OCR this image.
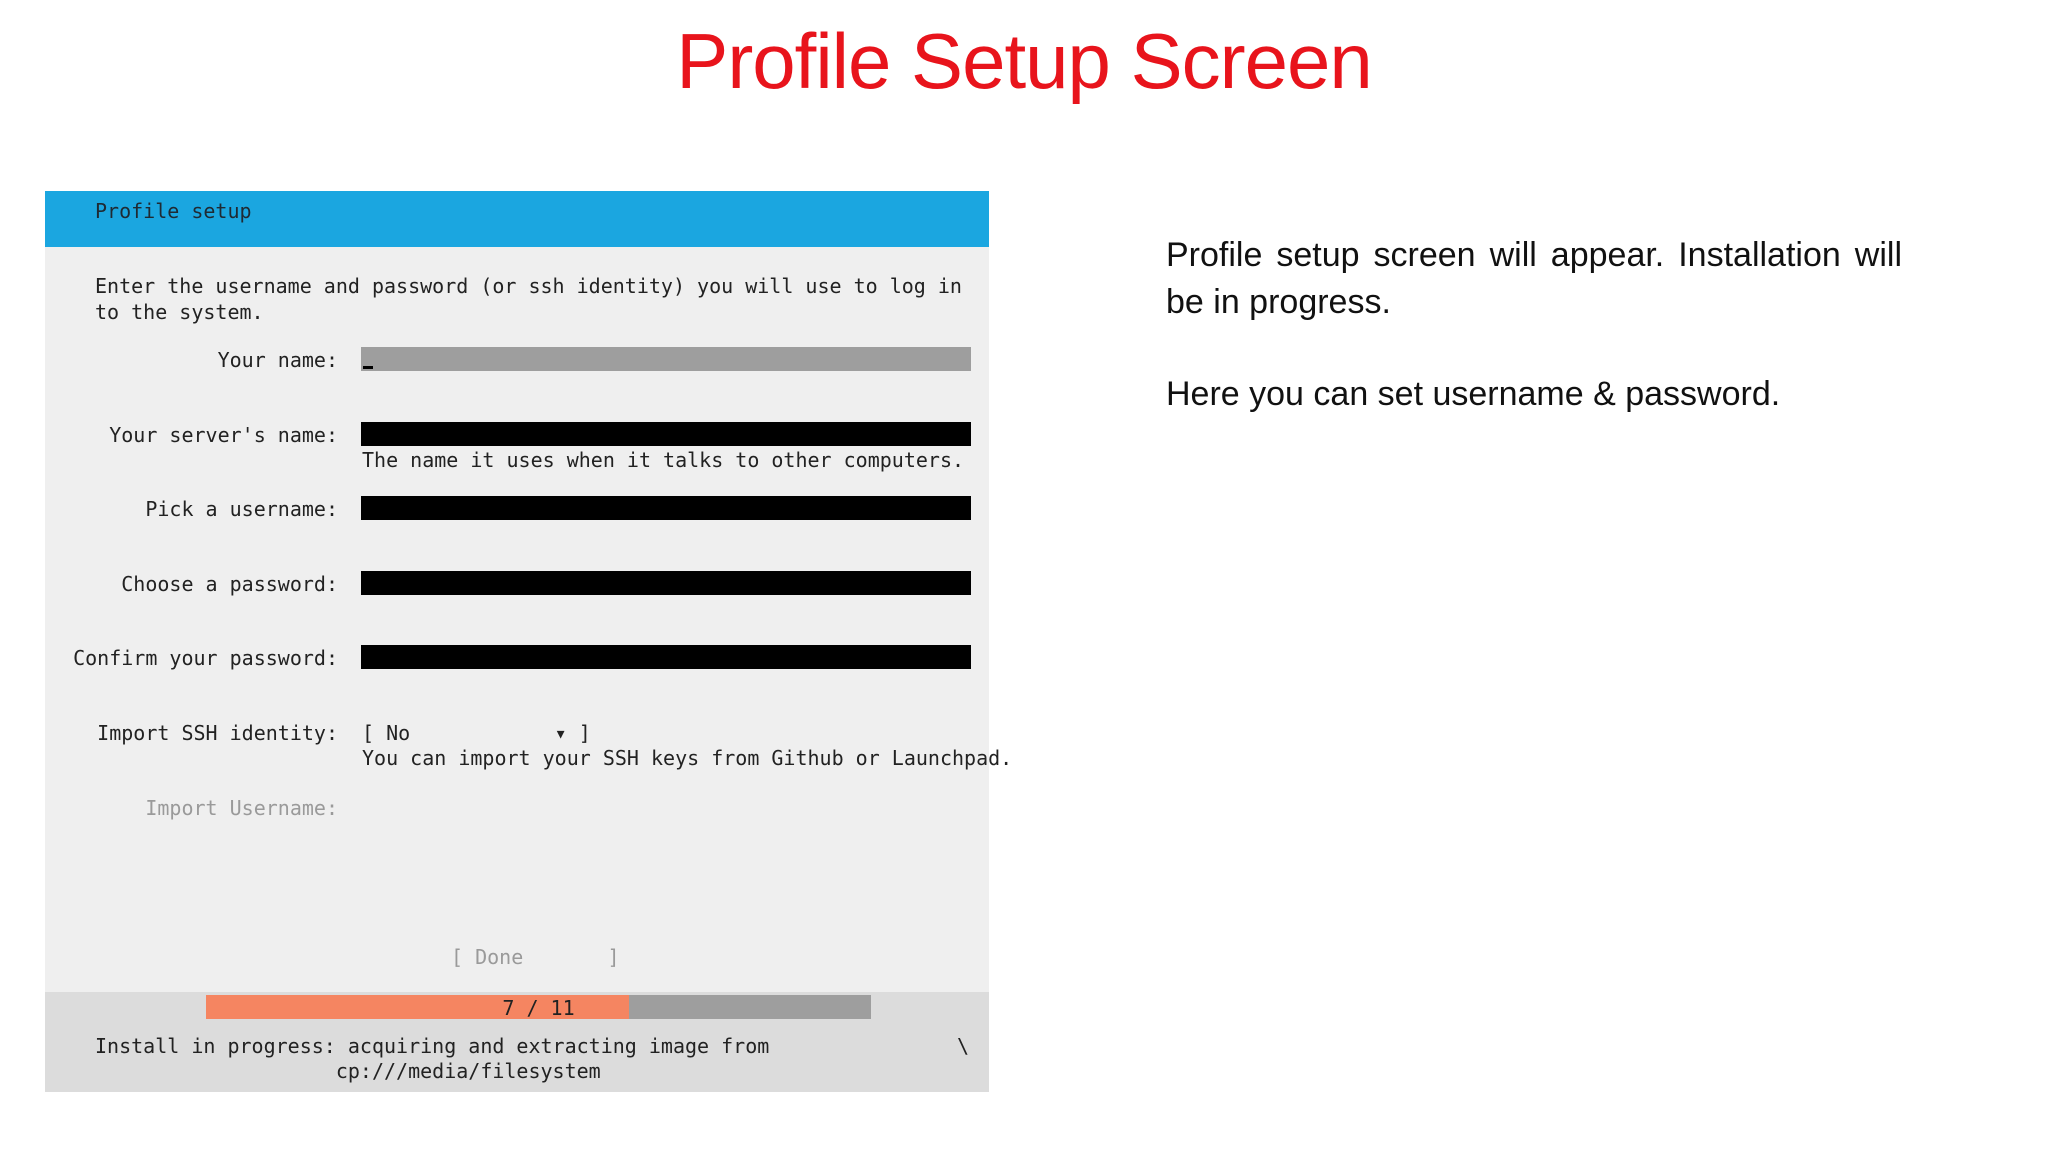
Profile Setup Screen
Profile setup
Enter the username and password (or ssh identity) you will use to log in to the system.
Your name:
Your server's name:
The name it uses when it talks to other computers.
Pick a username:
Choose a password:
Confirm your password:
Import SSH identity: [ No            ▾ ]
You can import your SSH keys from Github or Launchpad.
Import Username:
[ Done       ]
7 / 11
Install in progress: acquiring and extracting image from
cp:///media/filesystem
\

Profile setup screen will appear. Installation will be in progress.

Here you can set username & password.
